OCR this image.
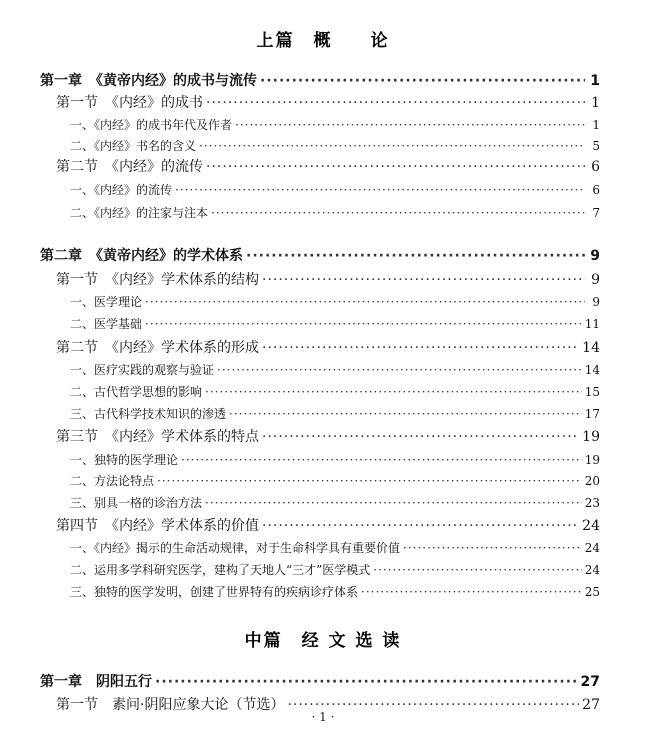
上篇　概　　论
第一章　《黄帝内经》的成书与流传 ·····	1
第一节　《内经》的成书 ·····	1
一、《内经》的成书年代及作者 ·····	1
二、《内经》书名的含义 ·····	5
第二节　《内经》的流传 ·····	6
一、《内经》的流传 ·····	6
二、《内经》的注家与注本 ·····	7
第二章　《黄帝内经》的学术体系 ·····	9
第一节　《内经》学术体系的结构 ·····	9
一、医学理论 ·····	9
二、医学基础 ·····	11
第二节　《内经》学术体系的形成 ·····	14
一、医疗实践的观察与验证 ·····	14
二、古代哲学思想的影响 ·····	15
三、古代科学技术知识的渗透 ·····	17
第三节　《内经》学术体系的特点 ·····	19
一、独特的医学理论 ·····	19
二、方法论特点 ·····	20
三、别具一格的诊治方法 ·····	23
第四节　《内经》学术体系的价值 ·····	24
一、《内经》揭示的生命活动规律，对于生命科学具有重要价值 ·····	24
二、运用多学科研究医学，建构了天地人“三才”医学模式 ·····	24
三、独特的医学发明，创建了世界特有的疾病诊疗体系 ·····	25
中篇　经 文 选 读
第一章　阴阳五行 ·····	27
第一节　素问·阴阳应象大论（节选） ·····	27
· 1 ·
